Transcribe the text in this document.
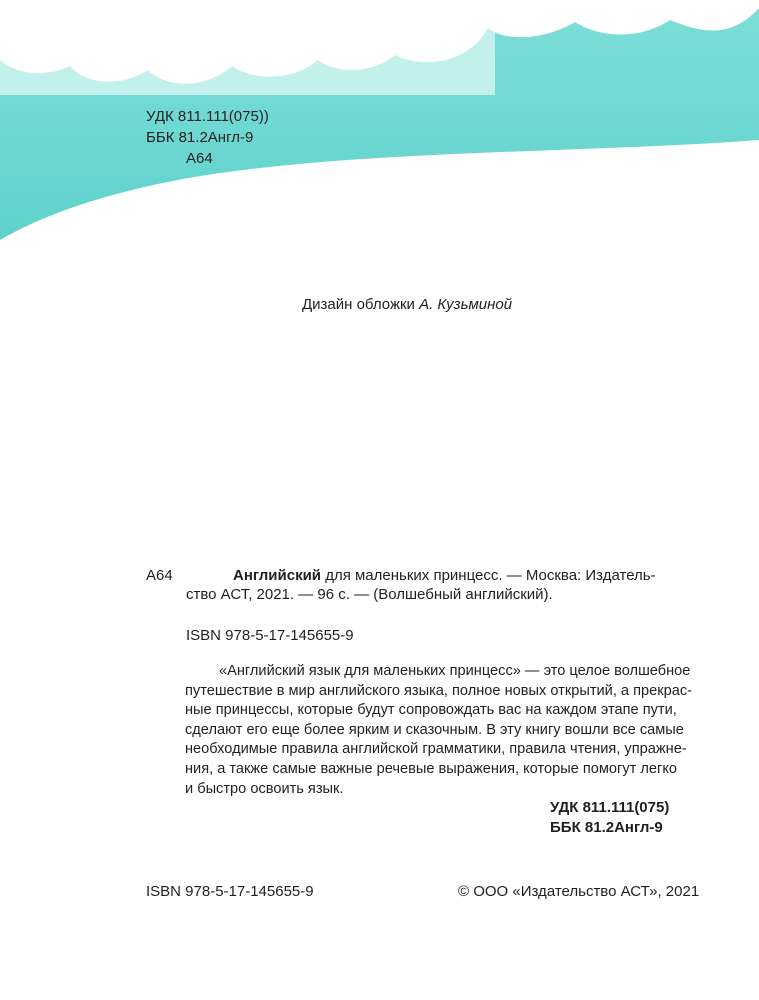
УДК 811.111(075))
ББК 81.2Англ-9
А64
Дизайн обложки А. Кузьминой
А64	Английский для маленьких принцесс. — Москва: Издатель-
ство АСТ, 2021. — 96 с. — (Волшебный английский).
ISBN 978-5-17-145655-9
«Английский язык для маленьких принцесс» — это целое волшебное
путешествие в мир английского языка, полное новых открытий, а прекрас-
ные принцессы, которые будут сопровождать вас на каждом этапе пути,
сделают его еще более ярким и сказочным. В эту книгу вошли все самые
необходимые правила английской грамматики, правила чтения, упражне-
ния, а также самые важные речевые выражения, которые помогут легко
и быстро освоить язык.
УДК 811.111(075)
ББК 81.2Англ-9
ISBN 978-5-17-145655-9	© ООО «Издательство АСТ», 2021
